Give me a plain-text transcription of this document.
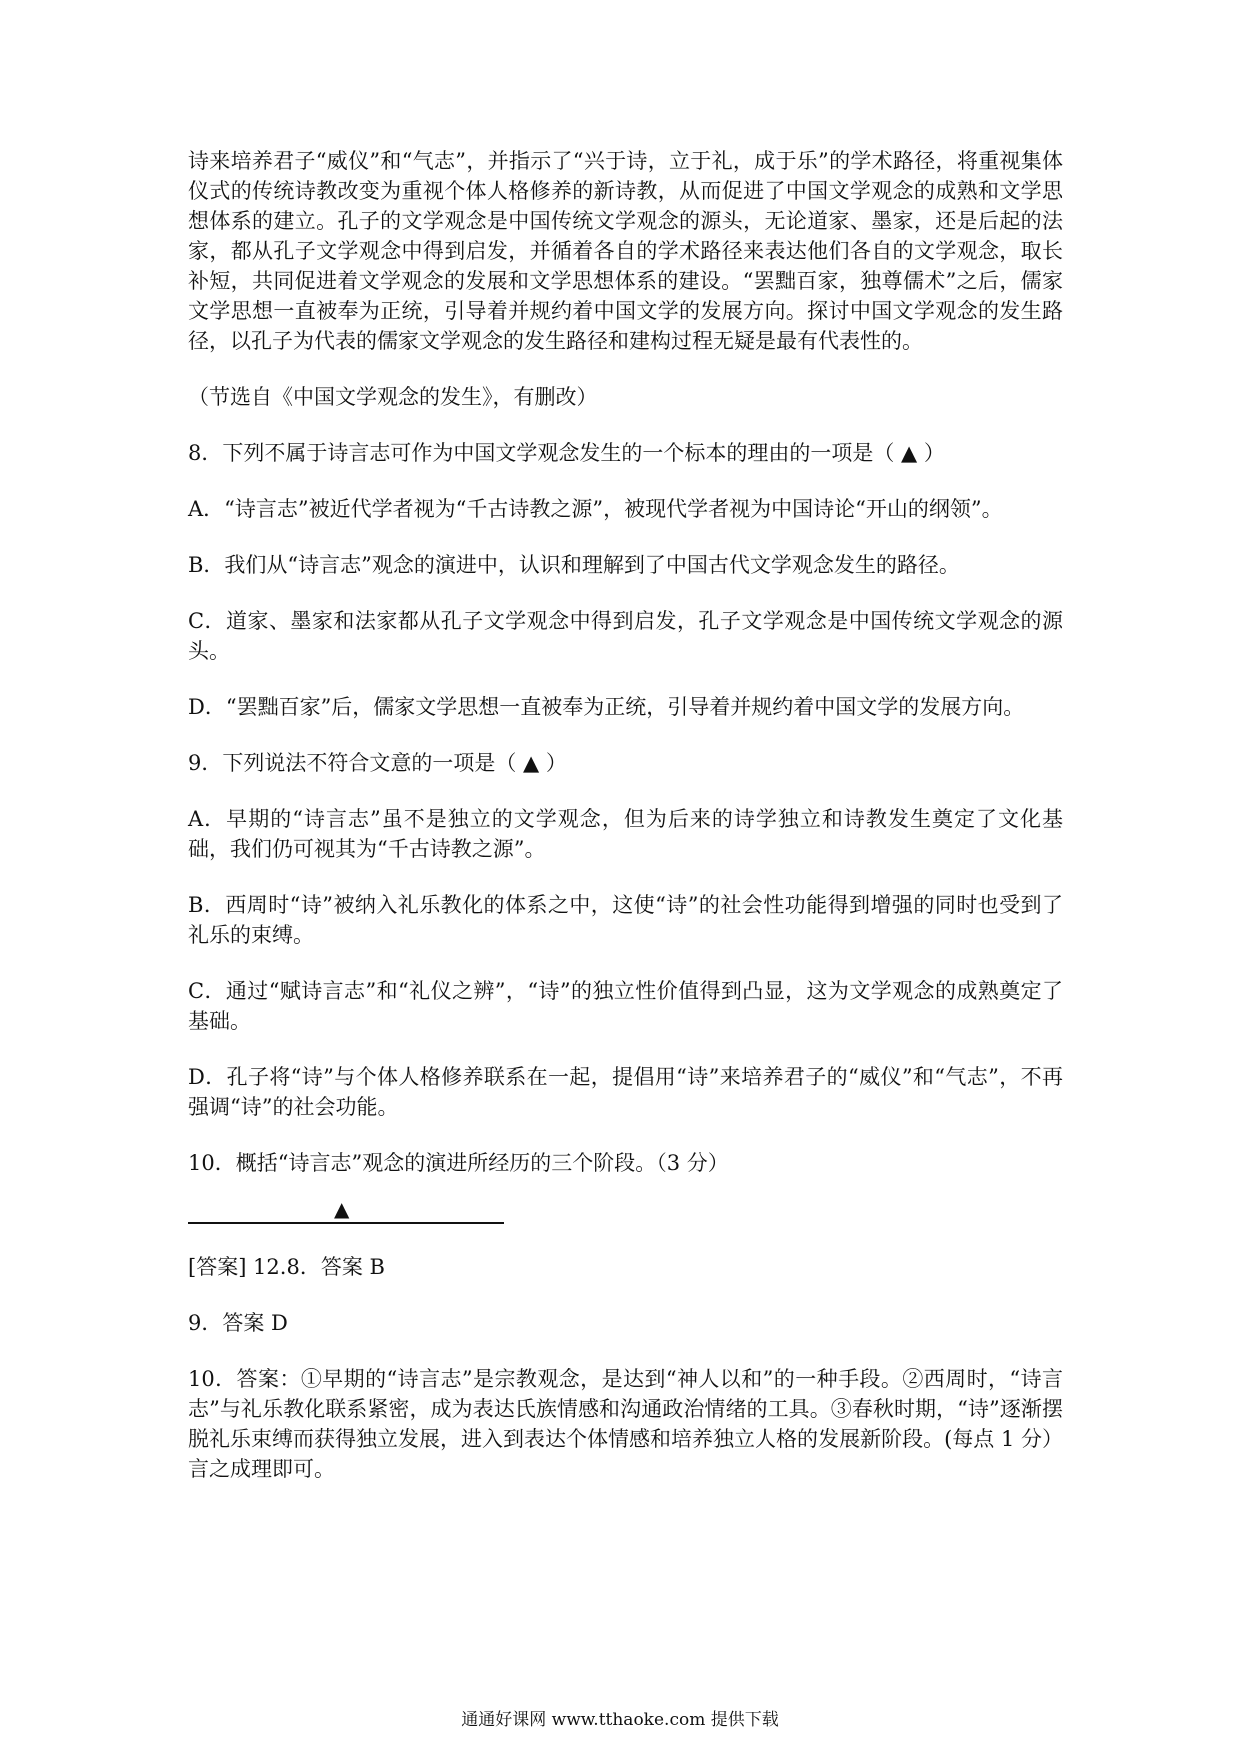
诗来培养君子“威仪”和“气志”，并指示了“兴于诗，立于礼，成于乐”的学术路径，将重视集体仪式的传统诗教改变为重视个体人格修养的新诗教，从而促进了中国文学观念的成熟和文学思想体系的建立。孔子的文学观念是中国传统文学观念的源头，无论道家、墨家，还是后起的法家，都从孔子文学观念中得到启发，并循着各自的学术路径来表达他们各自的文学观念，取长补短，共同促进着文学观念的发展和文学思想体系的建设。“罢黜百家，独尊儒术”之后，儒家文学思想一直被奉为正统，引导着并规约着中国文学的发展方向。探讨中国文学观念的发生路径，以孔子为代表的儒家文学观念的发生路径和建构过程无疑是最有代表性的。

（节选自《中国文学观念的发生》，有删改）

8．下列不属于诗言志可作为中国文学观念发生的一个标本的理由的一项是（ ▲ ）

A．“诗言志”被近代学者视为“千古诗教之源”，被现代学者视为中国诗论“开山的纲领”。

B．我们从“诗言志”观念的演进中，认识和理解到了中国古代文学观念发生的路径。

C．道家、墨家和法家都从孔子文学观念中得到启发，孔子文学观念是中国传统文学观念的源头。

D．“罢黜百家”后，儒家文学思想一直被奉为正统，引导着并规约着中国文学的发展方向。

9．下列说法不符合文意的一项是（ ▲ ）

A．早期的“诗言志”虽不是独立的文学观念，但为后来的诗学独立和诗教发生奠定了文化基础，我们仍可视其为“千古诗教之源”。

B．西周时“诗”被纳入礼乐教化的体系之中，这使“诗”的社会性功能得到增强的同时也受到了礼乐的束缚。

C．通过“赋诗言志”和“礼仪之辨”，“诗”的独立性价值得到凸显，这为文学观念的成熟奠定了基础。

D．孔子将“诗”与个体人格修养联系在一起，提倡用“诗”来培养君子的“威仪”和“气志”，不再强调“诗”的社会功能。

10．概括“诗言志”观念的演进所经历的三个阶段。（3 分）

▲

[答案] 12.8．答案 B

9．答案 D

10．答案：①早期的“诗言志”是宗教观念，是达到“神人以和”的一种手段。②西周时，“诗言志”与礼乐教化联系紧密，成为表达氏族情感和沟通政治情绪的工具。③春秋时期，“诗”逐渐摆脱礼乐束缚而获得独立发展，进入到表达个体情感和培养独立人格的发展新阶段。(每点 1 分）言之成理即可。

通通好课网 www.tthaoke.com 提供下载
